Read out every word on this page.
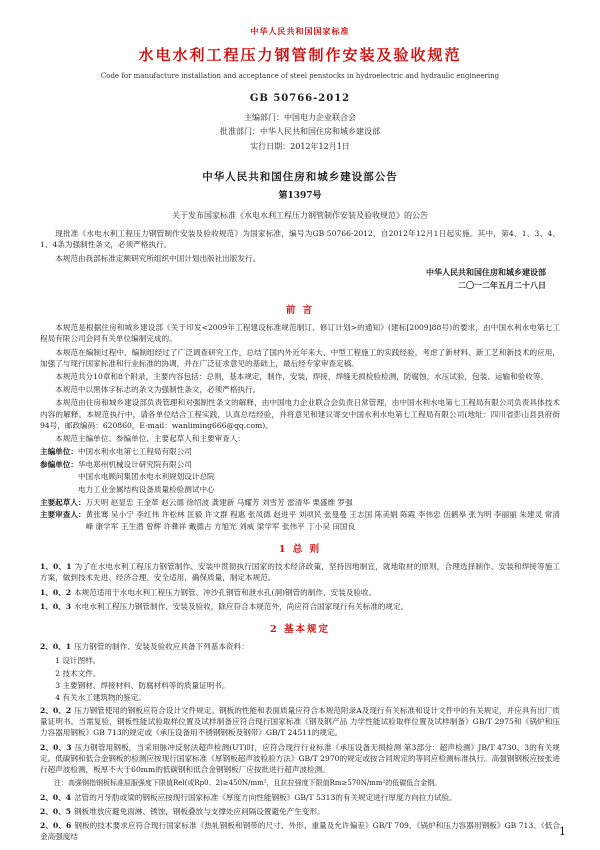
中华人民共和国国家标准
水电水利工程压力钢管制作安装及验收规范
Code for manufacture installation and acceptance of steel penstocks in hydroelectric and hydraulic engineering
GB 50766-2012
主编部门：中国电力企业联合会
批准部门：中华人民共和国住房和城乡建设部
实行日期：2012年12月1日
中华人民共和国住房和城乡建设部公告
第1397号
关于发布国家标准《水电水利工程压力钢管制作安装及验收规范》的公告

现批准《水电水利工程压力钢管制作安装及验收规范》为国家标准，编号为GB 50766-2012，自2012年12月1日起实施。其中，第4、1、3、4、1、4条为强制性条文，必须严格执行。

本规范由我部标准定额研究所组织中国计划出版社出版发行。

中华人民共和国住房和城乡建设部
二〇一二年五月二十八日
前 言

本规范是根据住房和城乡建设部《关于印发<2009年工程建设标准规范制订、修订计划>的通知》(建标[2009]88号)的要求，由中国水利水电第七工程局有限公司会同有关单位编制完成的。

本规范在编制过程中，编制组经过了广泛调查研究工作，总结了国内外近年来大、中型工程施工的实践经验，考虑了新材料、新工艺和新技术的应用，加强了与现行国家标准和行业标准的协调，并在广泛征求意见的基础上，最后经专家审查定稿。

本规范共分10章和8个附录，主要内容包括：总则，基本规定，制作，安装，焊接，焊缝无损检验检测，防腐蚀，水压试验，包装、运输和验收等。

本规范中以黑体字标志的条文为强制性条文，必须严格执行。

本规范由住房和城乡建设部负责管理和对强制性条文的解释，由中国电力企业联合会负责日常管理，由中国水利水电第七工程局有限公司负责具体技术内容的解释。本规范执行中，请各单位结合工程实践，认真总结经验，并将意见和建议寄交中国水利水电第七工程局有限公司(地址：四川省彭山县县府街94号，邮政编码：620860，E-mail：wanliming666@qq.com)。

本规范主编单位、参编单位、主要起草人和主要审查人：

主编单位： 中国水利水电第七工程局有限公司
参编单位： 华电郑州机械设计研究院有限公司
中国水电顾问集团水电水利规划设计总院
电力工业金属结构设备质量检验测试中心
主要起草人： 万天明 赵显忠 王金革 赵云德 徐绍波 龚建新 马耀芳 刘雪芳 雷清华 栗盛维 罗强
主要审查人： 黄张骞 吴小宁 李红伟 许松林 匡毅 许文群 程惠 张凤德 赵进平 刘项民 张曼曼 王志国 陈美娟 陈霞 李伟忠 伍鹤皋 张为明 李丽丽 朱建灵 常清峰 康学军 王生潜 曾辉 许彝祥 戴德占 方旭光 刘威 梁学军 张伟平 丁小吴 田国良
1 总 则

1、0、1 为了在水电水利工程压力钢管制作、安装中贯彻执行国家的技术经济政策，坚持因地制宜，就地取材的原则，合理选择制作、安装和焊接等施工方案，做到技术先进、经济合理、安全适用，确保质量，制定本规范。

1、0、2 本规范适用于水电水利工程压力钢管、冲沙孔钢管和泄水孔(洞)钢管的制作、安装及验收。

1、0、3 水电水利工程压力钢管制作、安装及验收，除应符合本规范外，尚应符合国家现行有关标准的规定。

2 基本规定

2、0、1 压力钢管的制作、安装及验收应具备下列基本资料：

1 设计图样。
2 技术文件。
3 主要钢材、焊接材料、防腐材料等的质量证明书。
4 有关水工建筑物的鉴定。

2、0、2 压力钢管使用的钢板应符合设计文件规定。钢板的性能和表面质量应符合本规范附录A及现行有关标准和设计文件中的有关规定，并应具有出厂质量证明书。当需复验，钢板性能试验取样位置及试样制备应符合现行国家标准《钢及钢产品 力学性能试验取样位置及试样制备》GB/T 2975和《锅炉和压力容器用钢板》GB 713的规定或《承压设备用不锈钢钢板及钢带》GB/T 24511的规定。

2、0、3 压力钢管用钢板，当采用脉冲反射法超声检测(UT)时，应符合现行行业标准《承压设备无损检测 第3部分：超声检测》JB/T 4730、3的有关规定。低碳钢和低合金钢板的检测应按现行国家标准《厚钢板超声波检验方法》GB/T 2970的规定或按合同规定的等同应检测标准执行。高强钢钢板应按张进行超声波检测，板厚不大于60mm的低碳钢和低合金钢钢板厂应按批进行超声波检测。

注：高强钢指钢板标准屈服强度下限值Rel(或Rp0、2)≥450N/mm²，且抗拉强度下限值Rm≥570N/mm²的低碳低合金钢。

2、0、4 岔管的月牙肋或梁的钢板应按现行国家标准《厚度方向性能钢板》GB/T 5313的有关规定进行厚度方向拉力试验。

2、0、5 钢板堆放应避免雨淋、锈蚀，钢板叠放与支撑处应间隔设置避免产生变形。

2、0、6 钢板的技术要求应符合现行国家标准《热轧钢板和钢带的尺寸、外形、重量及允许偏差》GB/T 709、《锅炉和压力容器用钢板》GB 713、《低合金高强度结	1
